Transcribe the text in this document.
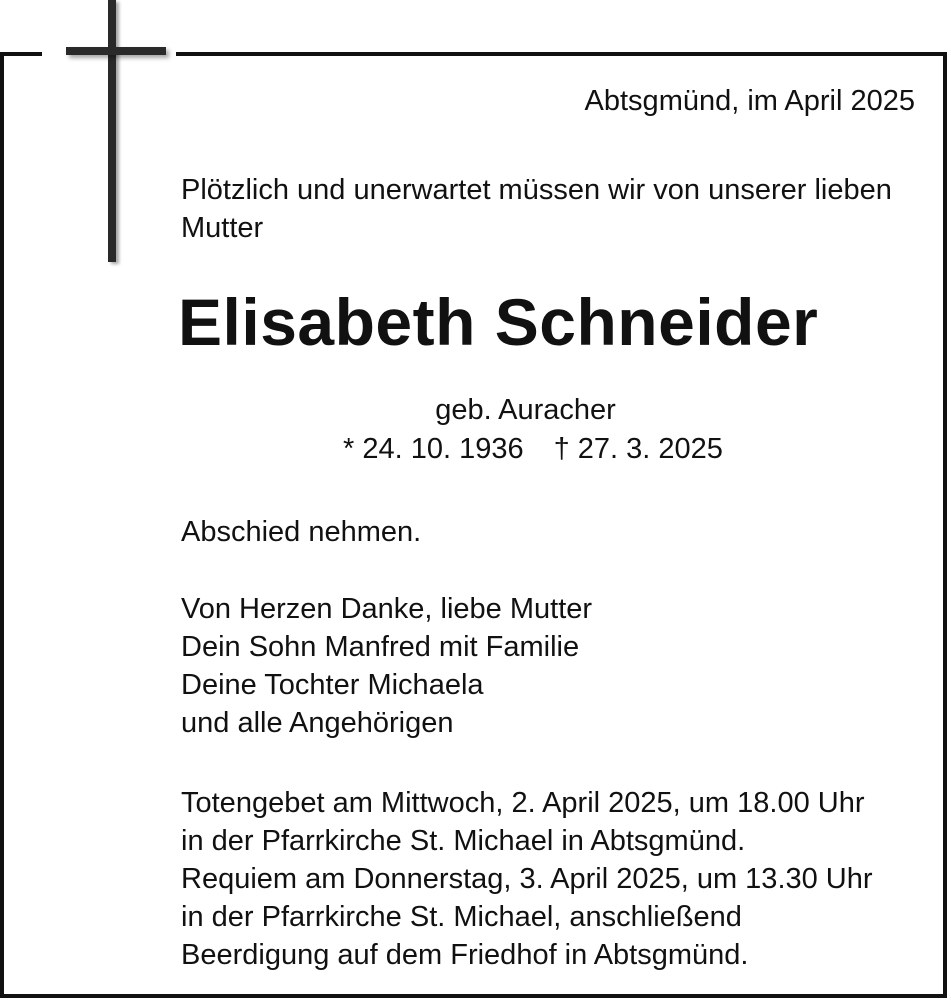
Abtsgmünd, im April 2025
Plötzlich und unerwartet müssen wir von unserer lieben
Mutter
Elisabeth Schneider
geb. Auracher
* 24. 10. 1936 † 27. 3. 2025
Abschied nehmen.
Von Herzen Danke, liebe Mutter
Dein Sohn Manfred mit Familie
Deine Tochter Michaela
und alle Angehörigen
Totengebet am Mittwoch, 2. April 2025, um 18.00 Uhr
in der Pfarrkirche St. Michael in Abtsgmünd.
Requiem am Donnerstag, 3. April 2025, um 13.30 Uhr
in der Pfarrkirche St. Michael, anschließend
Beerdigung auf dem Friedhof in Abtsgmünd.
